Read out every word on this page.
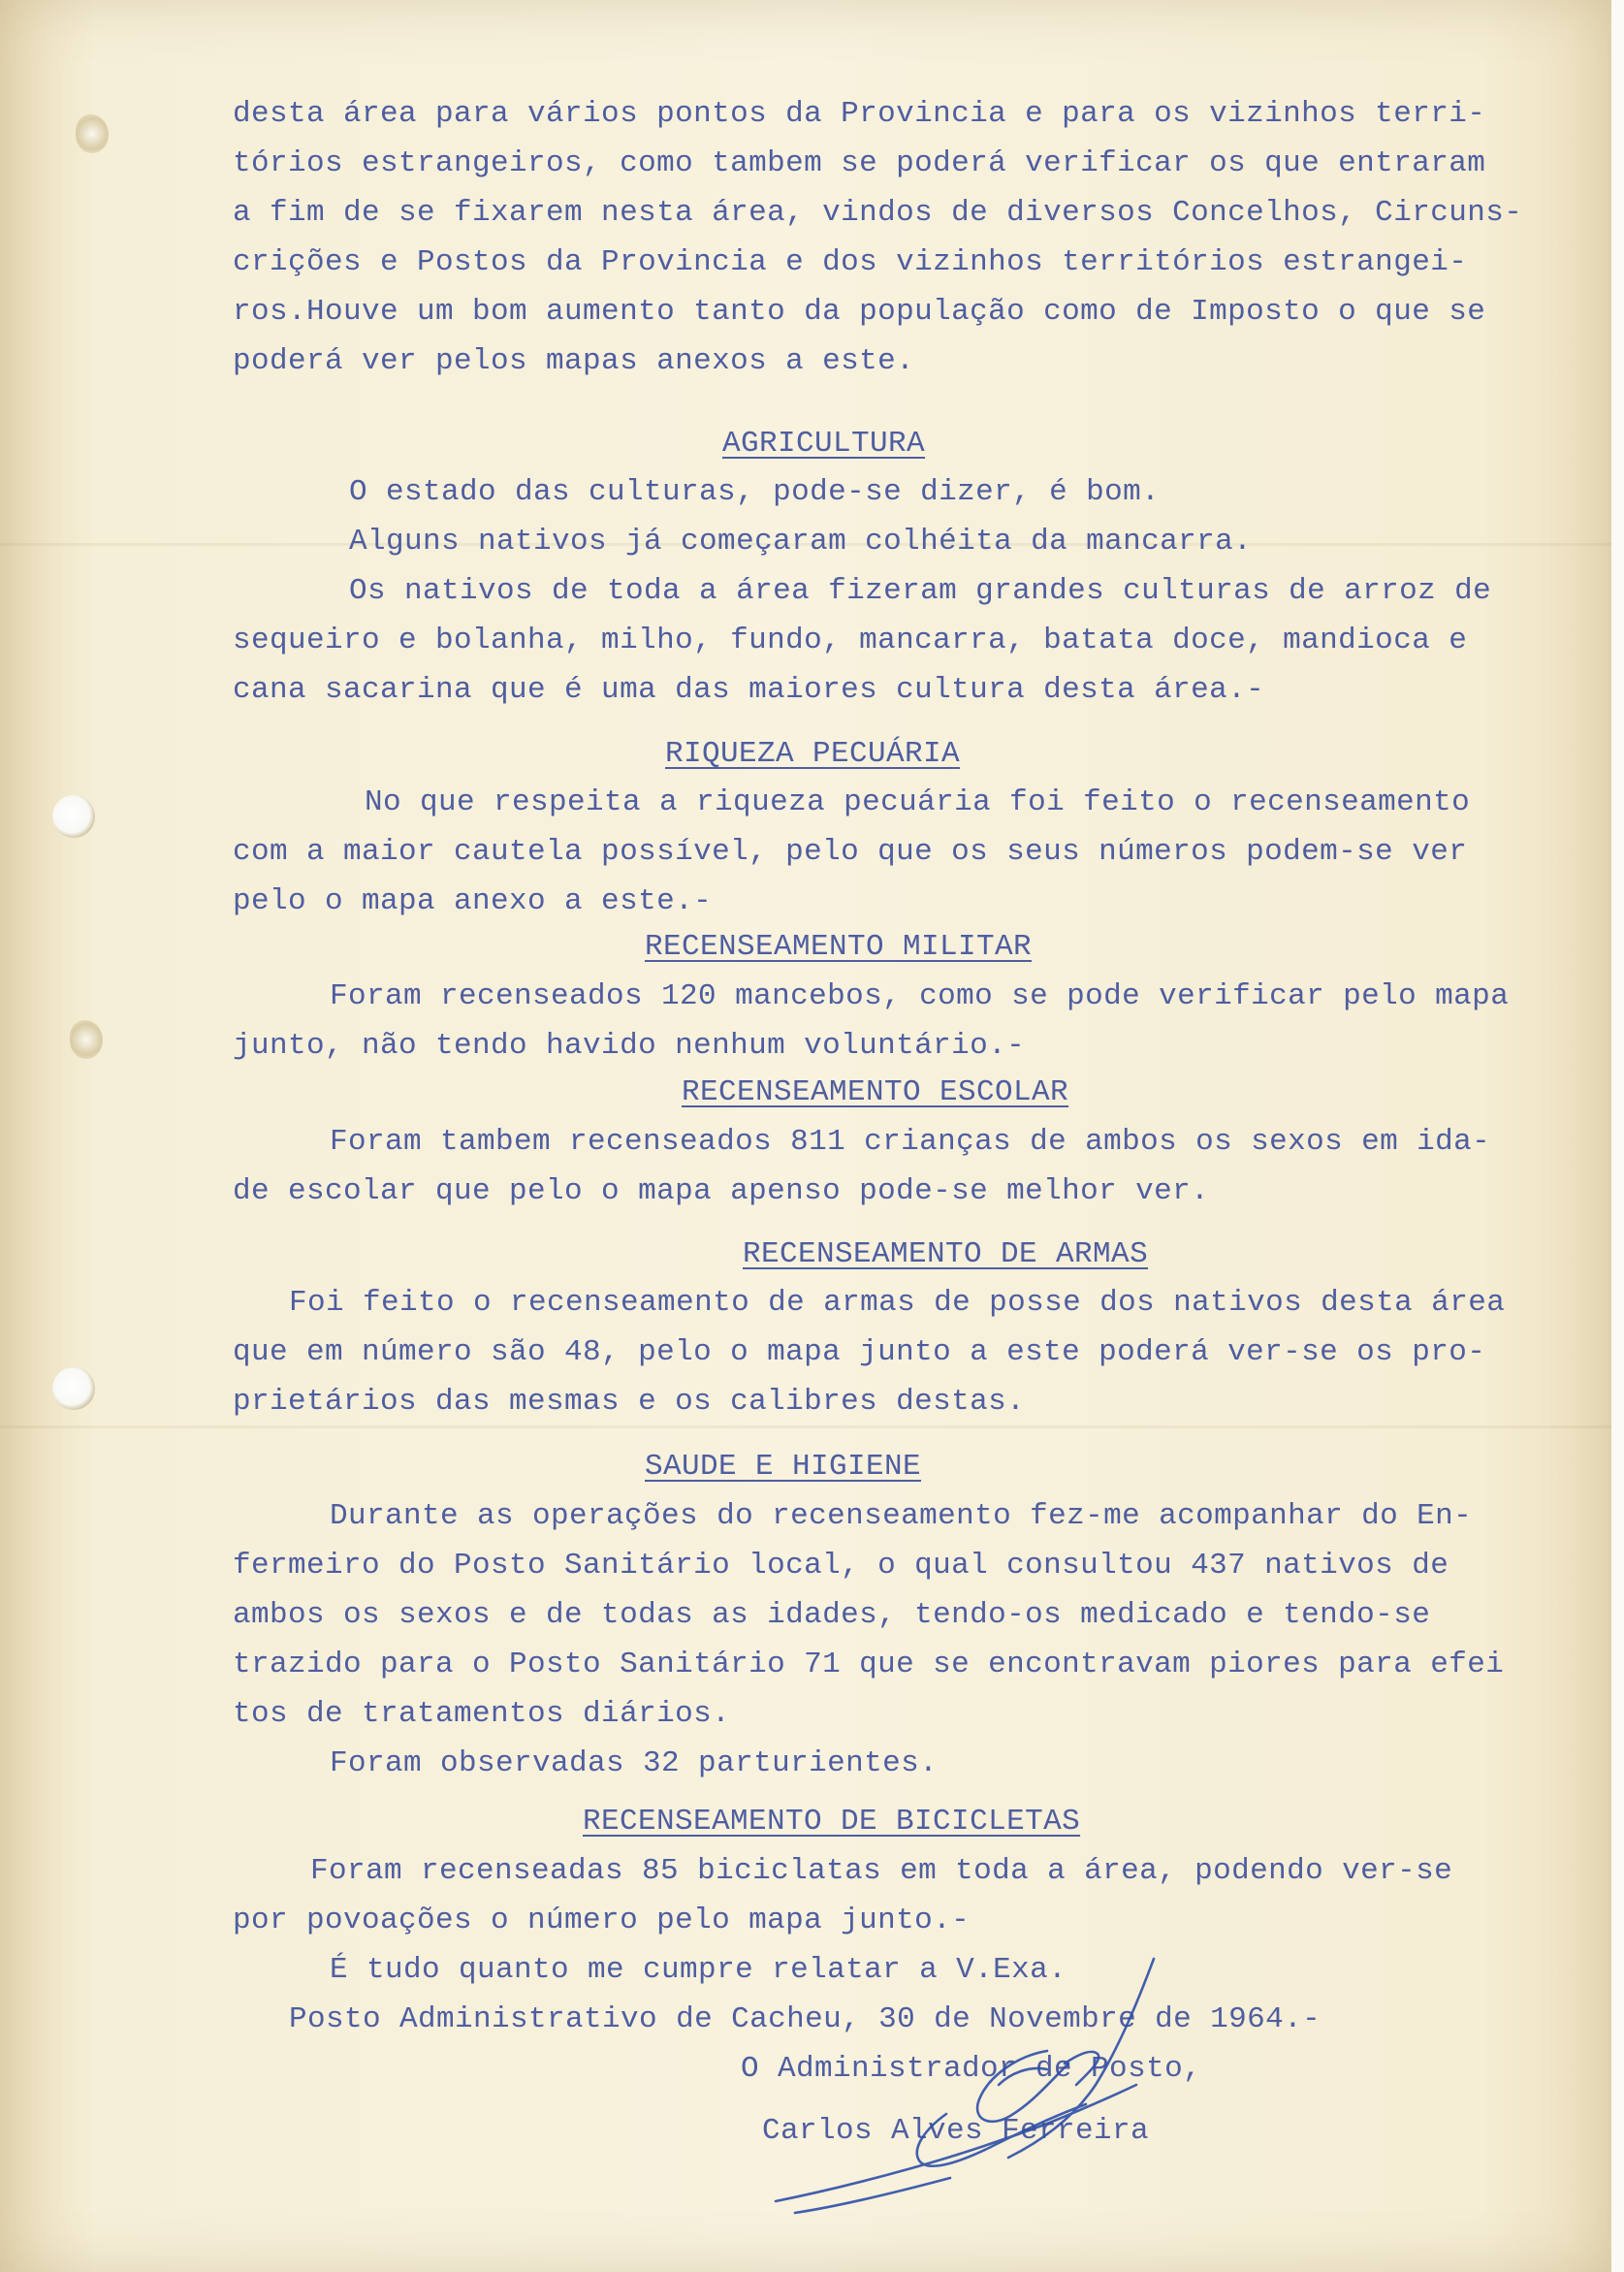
desta área para vários pontos da Provincia e para os vizinhos terri-
tórios estrangeiros, como tambem se poderá verificar os que entraram
a fim de se fixarem nesta área, vindos de diversos Concelhos, Circuns-
crições e Postos da Provincia e dos vizinhos territórios estrangei-
ros.Houve um bom aumento tanto da população como de Imposto o que se
poderá ver pelos mapas anexos a este.
AGRICULTURA
O estado das culturas, pode-se dizer, é bom.
Alguns nativos já começaram colhéita da mancarra.
Os nativos de toda a área fizeram grandes culturas de arroz de
sequeiro e bolanha, milho, fundo, mancarra, batata doce, mandioca e
cana sacarina que é uma das maiores cultura desta área.-
RIQUEZA PECUÁRIA
No que respeita a riqueza pecuária foi feito o recenseamento
com a maior cautela possível, pelo que os seus números podem-se ver
pelo o mapa anexo a este.-
RECENSEAMENTO MILITAR
Foram recenseados 120 mancebos, como se pode verificar pelo mapa
junto, não tendo havido nenhum voluntário.-
RECENSEAMENTO ESCOLAR
Foram tambem recenseados 811 crianças de ambos os sexos em ida-
de escolar que pelo o mapa apenso pode-se melhor ver.
RECENSEAMENTO DE ARMAS
Foi feito o recenseamento de armas de posse dos nativos desta área
que em número são 48, pelo o mapa junto a este poderá ver-se os pro-
prietários das mesmas e os calibres destas.
SAUDE E HIGIENE
Durante as operações do recenseamento fez-me acompanhar do En-
fermeiro do Posto Sanitário local, o qual consultou 437 nativos de
ambos os sexos e de todas as idades, tendo-os medicado e tendo-se
trazido para o Posto Sanitário 71 que se encontravam piores para efei
tos de tratamentos diários.
Foram observadas 32 parturientes.
RECENSEAMENTO DE BICICLETAS
Foram recenseadas 85 biciclatas em toda a área, podendo ver-se
por povoações o número pelo mapa junto.-
É tudo quanto me cumpre relatar a V.Exa.
Posto Administrativo de Cacheu, 30 de Novembre de 1964.-
O Administrador de Posto,
Carlos Alves Ferreira
